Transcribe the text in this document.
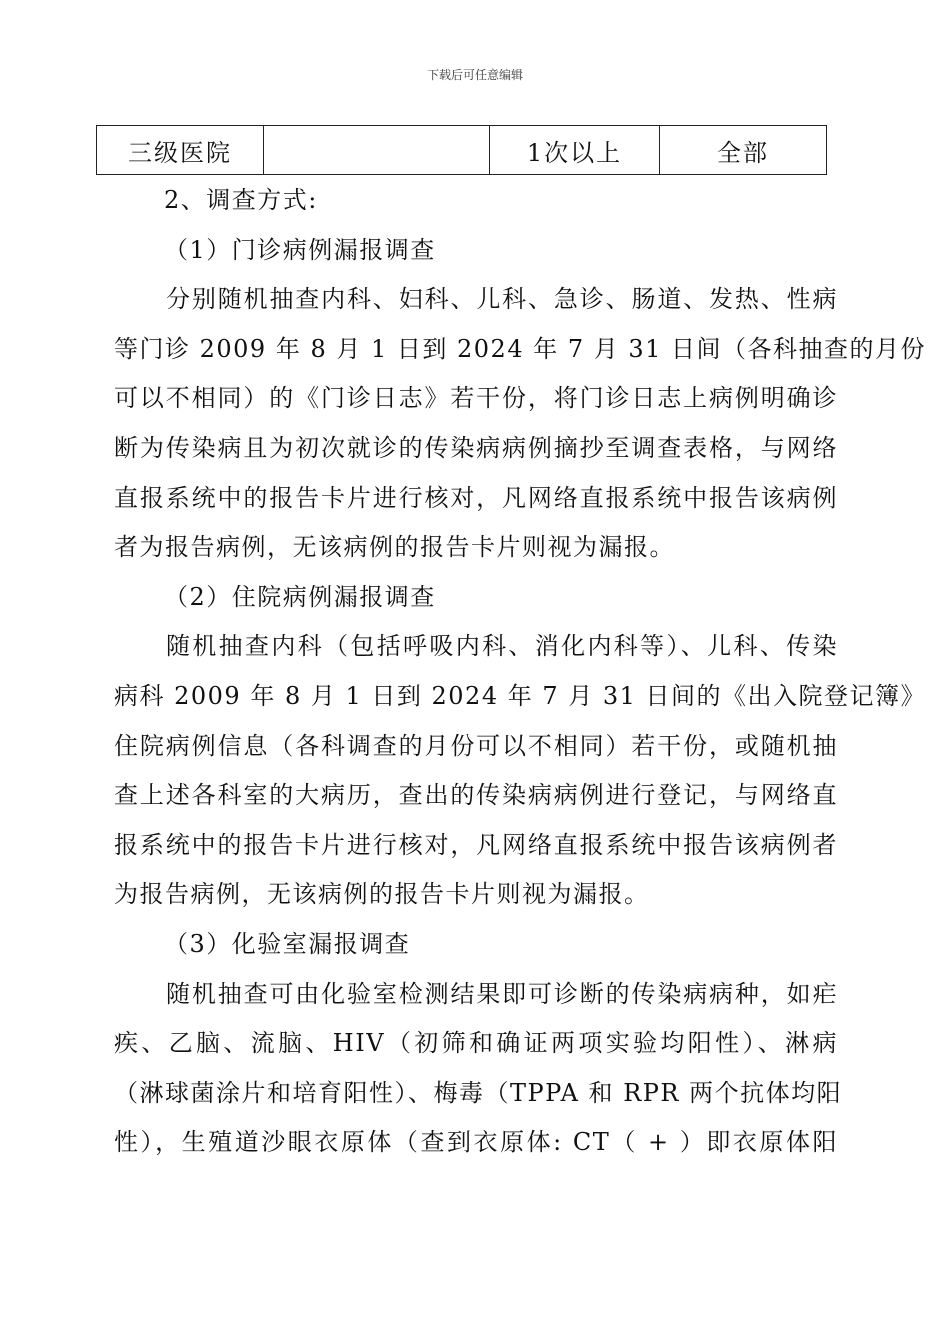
下载后可任意编辑
三级医院		1次以上	全部
2、调查方式:
（1）门诊病例漏报调查
分别随机抽查内科、妇科、儿科、急诊、肠道、发热、性病
等门诊 2009 年 8 月 1 日到 2024 年 7 月 31 日间（各科抽查的月份
可以不相同）的《门诊日志》若干份，将门诊日志上病例明确诊
断为传染病且为初次就诊的传染病病例摘抄至调查表格，与网络
直报系统中的报告卡片进行核对，凡网络直报系统中报告该病例
者为报告病例，无该病例的报告卡片则视为漏报。
（2）住院病例漏报调查
随机抽查内科（包括呼吸内科、消化内科等）、儿科、传染
病科 2009 年 8 月 1 日到 2024 年 7 月 31 日间的《出入院登记簿》
住院病例信息（各科调查的月份可以不相同）若干份，或随机抽
查上述各科室的大病历，查出的传染病病例进行登记，与网络直
报系统中的报告卡片进行核对，凡网络直报系统中报告该病例者
为报告病例，无该病例的报告卡片则视为漏报。
（3）化验室漏报调查
随机抽查可由化验室检测结果即可诊断的传染病病种，如疟
疾、乙脑、流脑、HIV（初筛和确证两项实验均阳性）、淋病
（淋球菌涂片和培育阳性）、梅毒（TPPA 和 RPR 两个抗体均阳
性），生殖道沙眼衣原体（查到衣原体: CT（ + ）即衣原体阳
